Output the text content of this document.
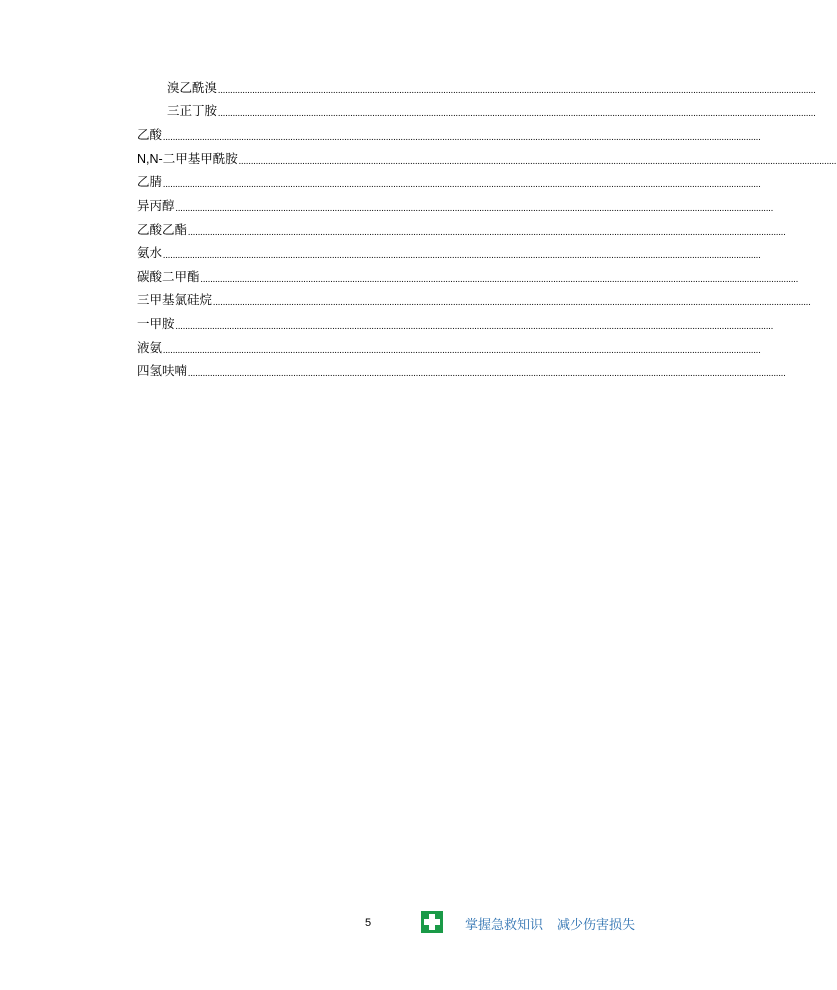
溴乙酰溴 ....................................................................................................................................................................................................................................................
三正丁胺 ....................................................................................................................................................................................................................................................
乙酸 ....................................................................................................................................................................................................................................................
N,N-二甲基甲酰胺 ....................................................................................................................................................................................................................................................
乙腈 ....................................................................................................................................................................................................................................................
异丙醇 ....................................................................................................................................................................................................................................................
乙酸乙酯 ....................................................................................................................................................................................................................................................
氨水 ....................................................................................................................................................................................................................................................
碳酸二甲酯 ....................................................................................................................................................................................................................................................
三甲基氯硅烷 ....................................................................................................................................................................................................................................................
一甲胺 ....................................................................................................................................................................................................................................................
液氨 ....................................................................................................................................................................................................................................................
四氢呋喃 ....................................................................................................................................................................................................................................................
5	掌握急救知识 减少伤害损失
